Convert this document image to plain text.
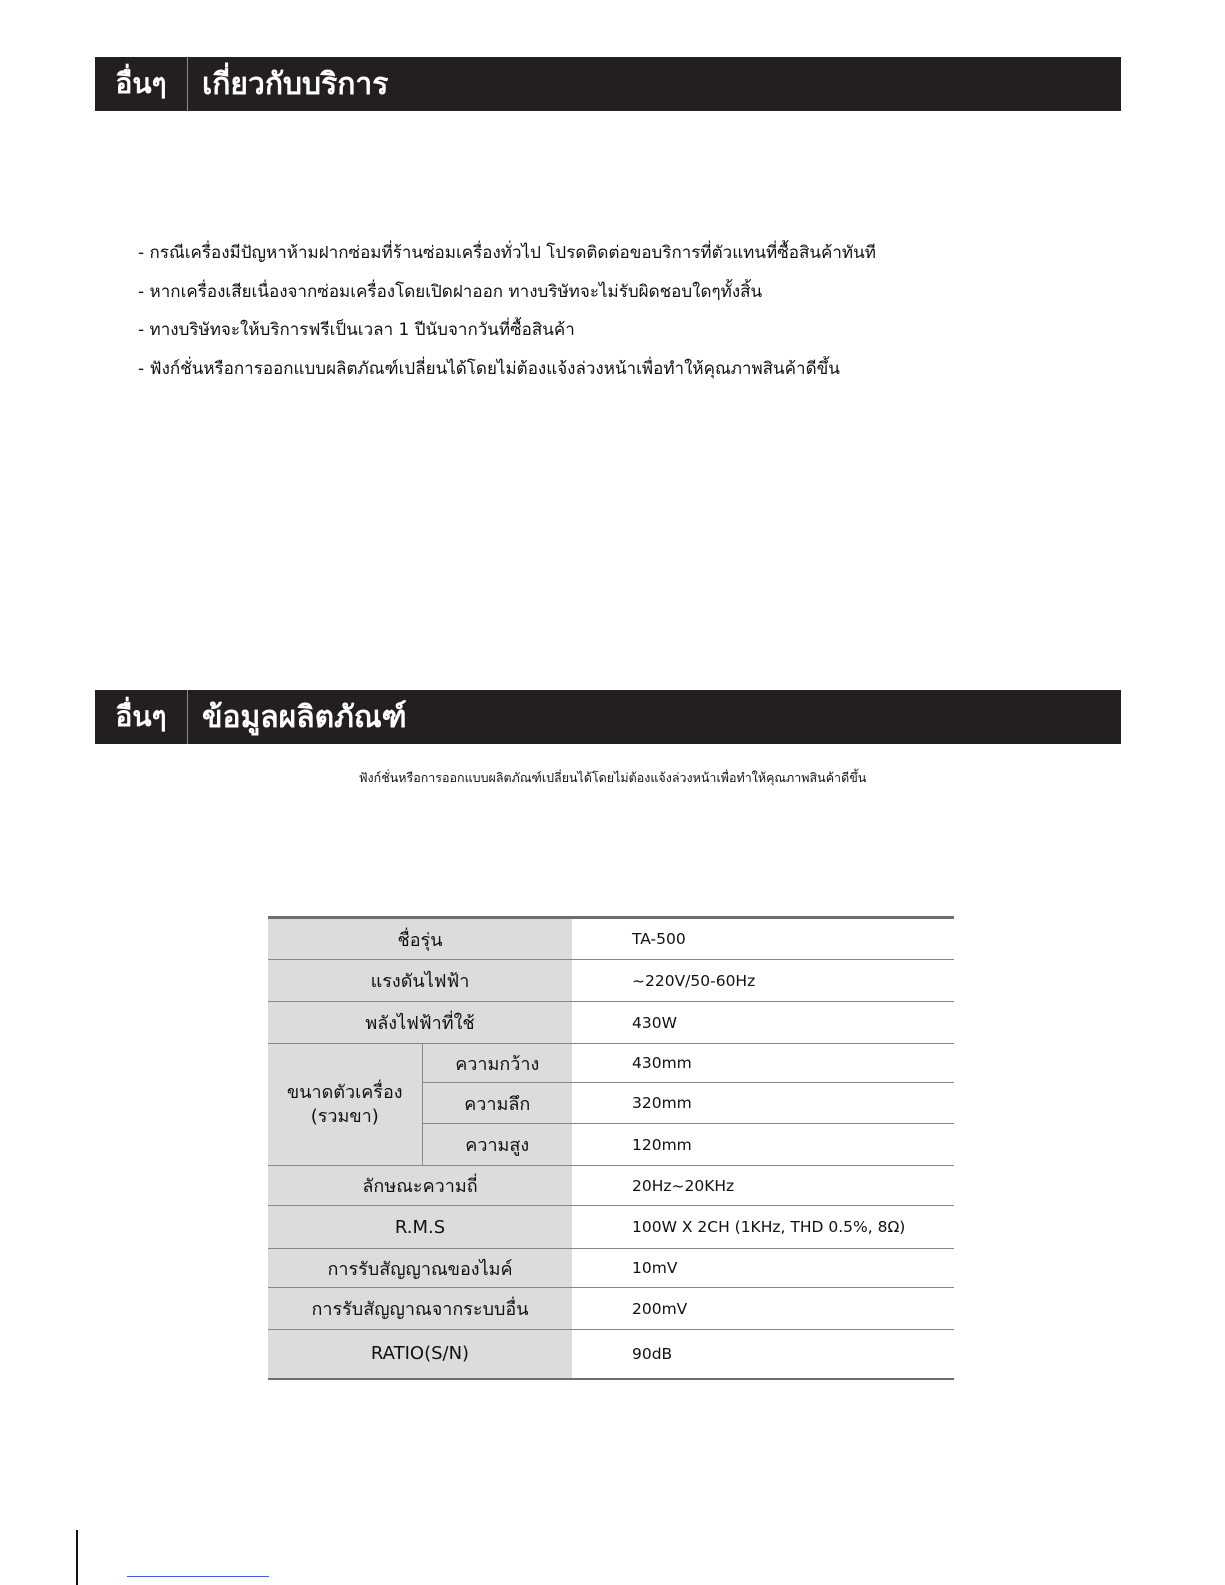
อื่นๆ	เกี่ยวกับบริการ
- กรณีเครื่องมีปัญหาห้ามฝากซ่อมที่ร้านซ่อมเครื่องทั่วไป โปรดติดต่อขอบริการที่ตัวแทนที่ซื้อสินค้าทันที
- หากเครื่องเสียเนื่องจากซ่อมเครื่องโดยเปิดฝาออก ทางบริษัทจะไม่รับผิดชอบใดๆทั้งสิ้น
- ทางบริษัทจะให้บริการฟรีเป็นเวลา 1 ปีนับจากวันที่ซื้อสินค้า
- ฟังก์ชั่นหรือการออกแบบผลิตภัณฑ์เปลี่ยนได้โดยไม่ต้องแจ้งล่วงหน้าเพื่อทำให้คุณภาพสินค้าดีขึ้น
อื่นๆ	ข้อมูลผลิตภัณฑ์
ฟังก์ชั่นหรือการออกแบบผลิตภัณฑ์เปลี่ยนได้โดยไม่ต้องแจ้งล่วงหน้าเพื่อทำให้คุณภาพสินค้าดีขึ้น
ชื่อรุ่น		TA-500
แรงดันไฟฟ้า		~220V/50-60Hz
พลังไฟฟ้าที่ใช้		430W
ขนาดตัวเครื่อง (รวมขา)	ความกว้าง	430mm
	ความลึก	320mm
	ความสูง	120mm
ลักษณะความถี่		20Hz~20KHz
R.M.S		100W X 2CH (1KHz, THD 0.5%, 8Ω)
การรับสัญญาณของไมค์		10mV
การรับสัญญาณจากระบบอื่น		200mV
RATIO(S/N)		90dB
